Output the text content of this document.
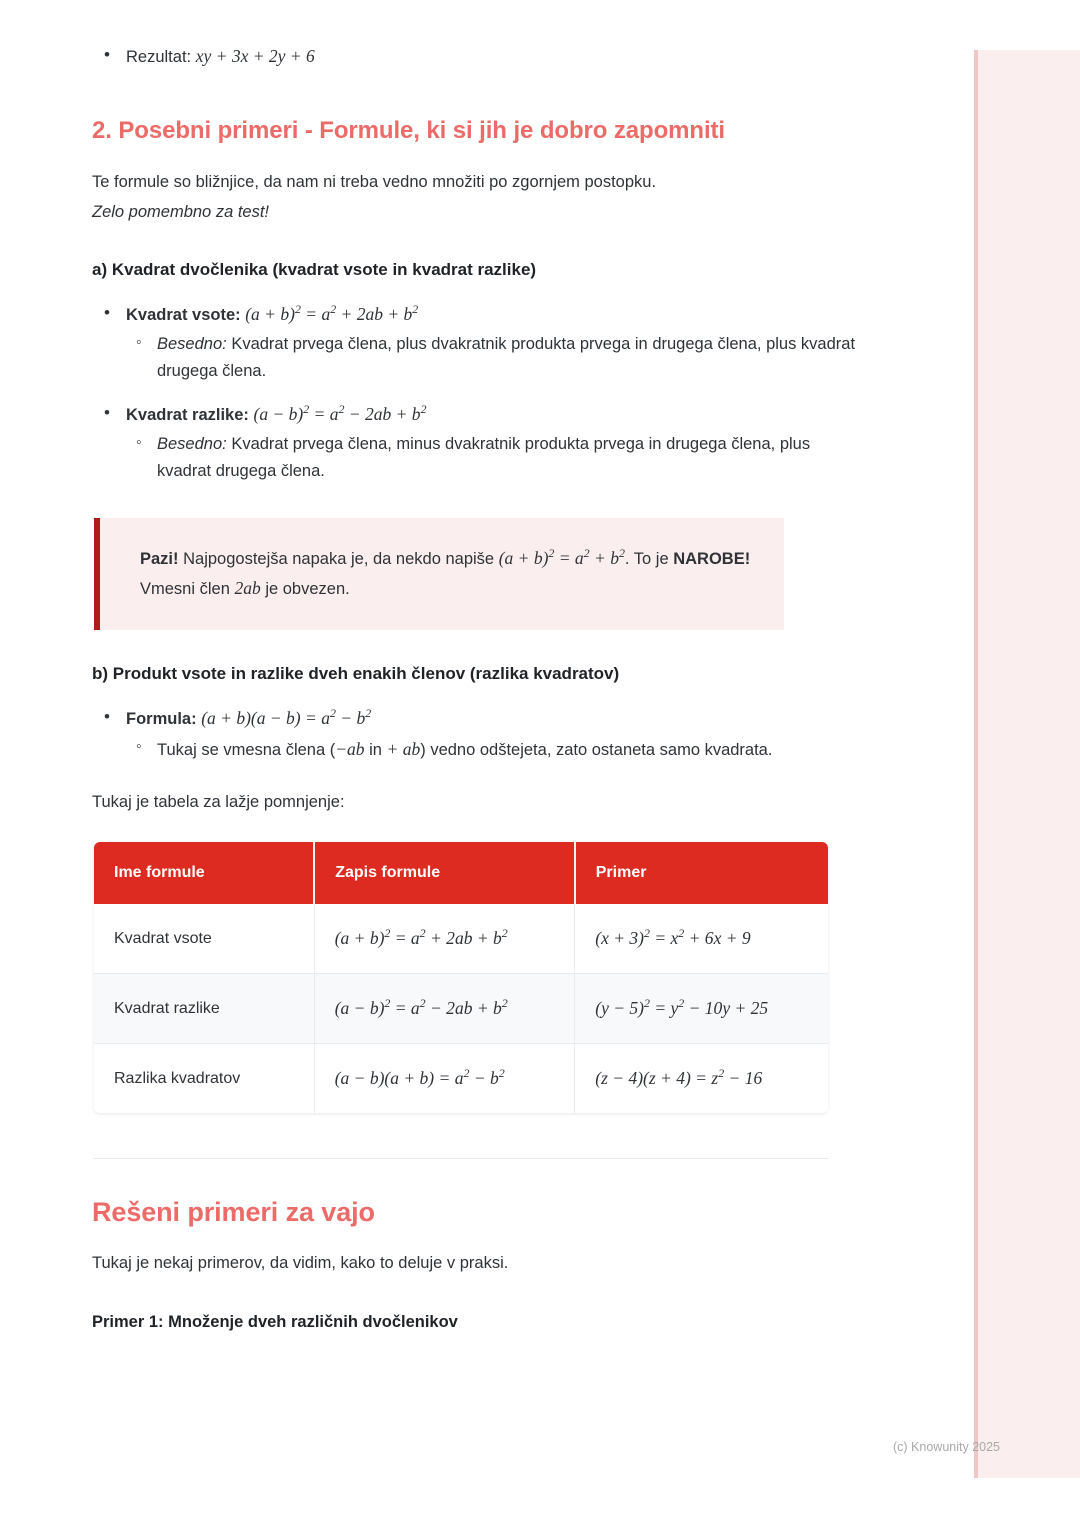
• Rezultat: xy + 3x + 2y + 6
2. Posebni primeri - Formule, ki si jih je dobro zapomniti

Te formule so bližnjice, da nam ni treba vedno množiti po zgornjem postopku.

Zelo pomembno za test!

a) Kvadrat dvočlenika (kvadrat vsote in kvadrat razlike)
• Kvadrat vsote: $(a + b)^2 = a^2 + 2ab + b^2$
◦ Besedno: Kvadrat prvega člena, plus dvakratnik produkta prvega in drugega člena, plus kvadrat drugega člena.
• Kvadrat razlike: $(a - b)^2 = a^2 - 2ab + b^2$
◦ Besedno: Kvadrat prvega člena, minus dvakratnik produkta prvega in drugega člena, plus kvadrat drugega člena.

Pazi! Najpogostejša napaka je, da nekdo napiše $(a + b)^2 = a^2 + b^2$. To je NAROBE! Vmesni člen 2ab je obvezen.

b) Produkt vsote in razlike dveh enakih členov (razlika kvadratov)
• Formula: $(a + b)(a - b) = a^2 - b^2$
◦ Tukaj se vmesna člena (−ab in + ab) vedno odštejeta, zato ostaneta samo kvadrata.

Tukaj je tabela za lažje pomnjenje:

Ime formule	Zapis formule	Primer
Kvadrat vsote	$(a + b)^2 = a^2 + 2ab + b^2$	$(x + 3)^2 = x^2 + 6x + 9$
Kvadrat razlike	$(a - b)^2 = a^2 - 2ab + b^2$	$(y - 5)^2 = y^2 - 10y + 25$
Razlika kvadratov	$(a - b)(a + b) = a^2 - b^2$	$(z - 4)(z + 4) = z^2 - 16$
Rešeni primeri za vajo

Tukaj je nekaj primerov, da vidim, kako to deluje v praksi.

Primer 1: Množenje dveh različnih dvočlenikov
(c) Knowunity 2025
